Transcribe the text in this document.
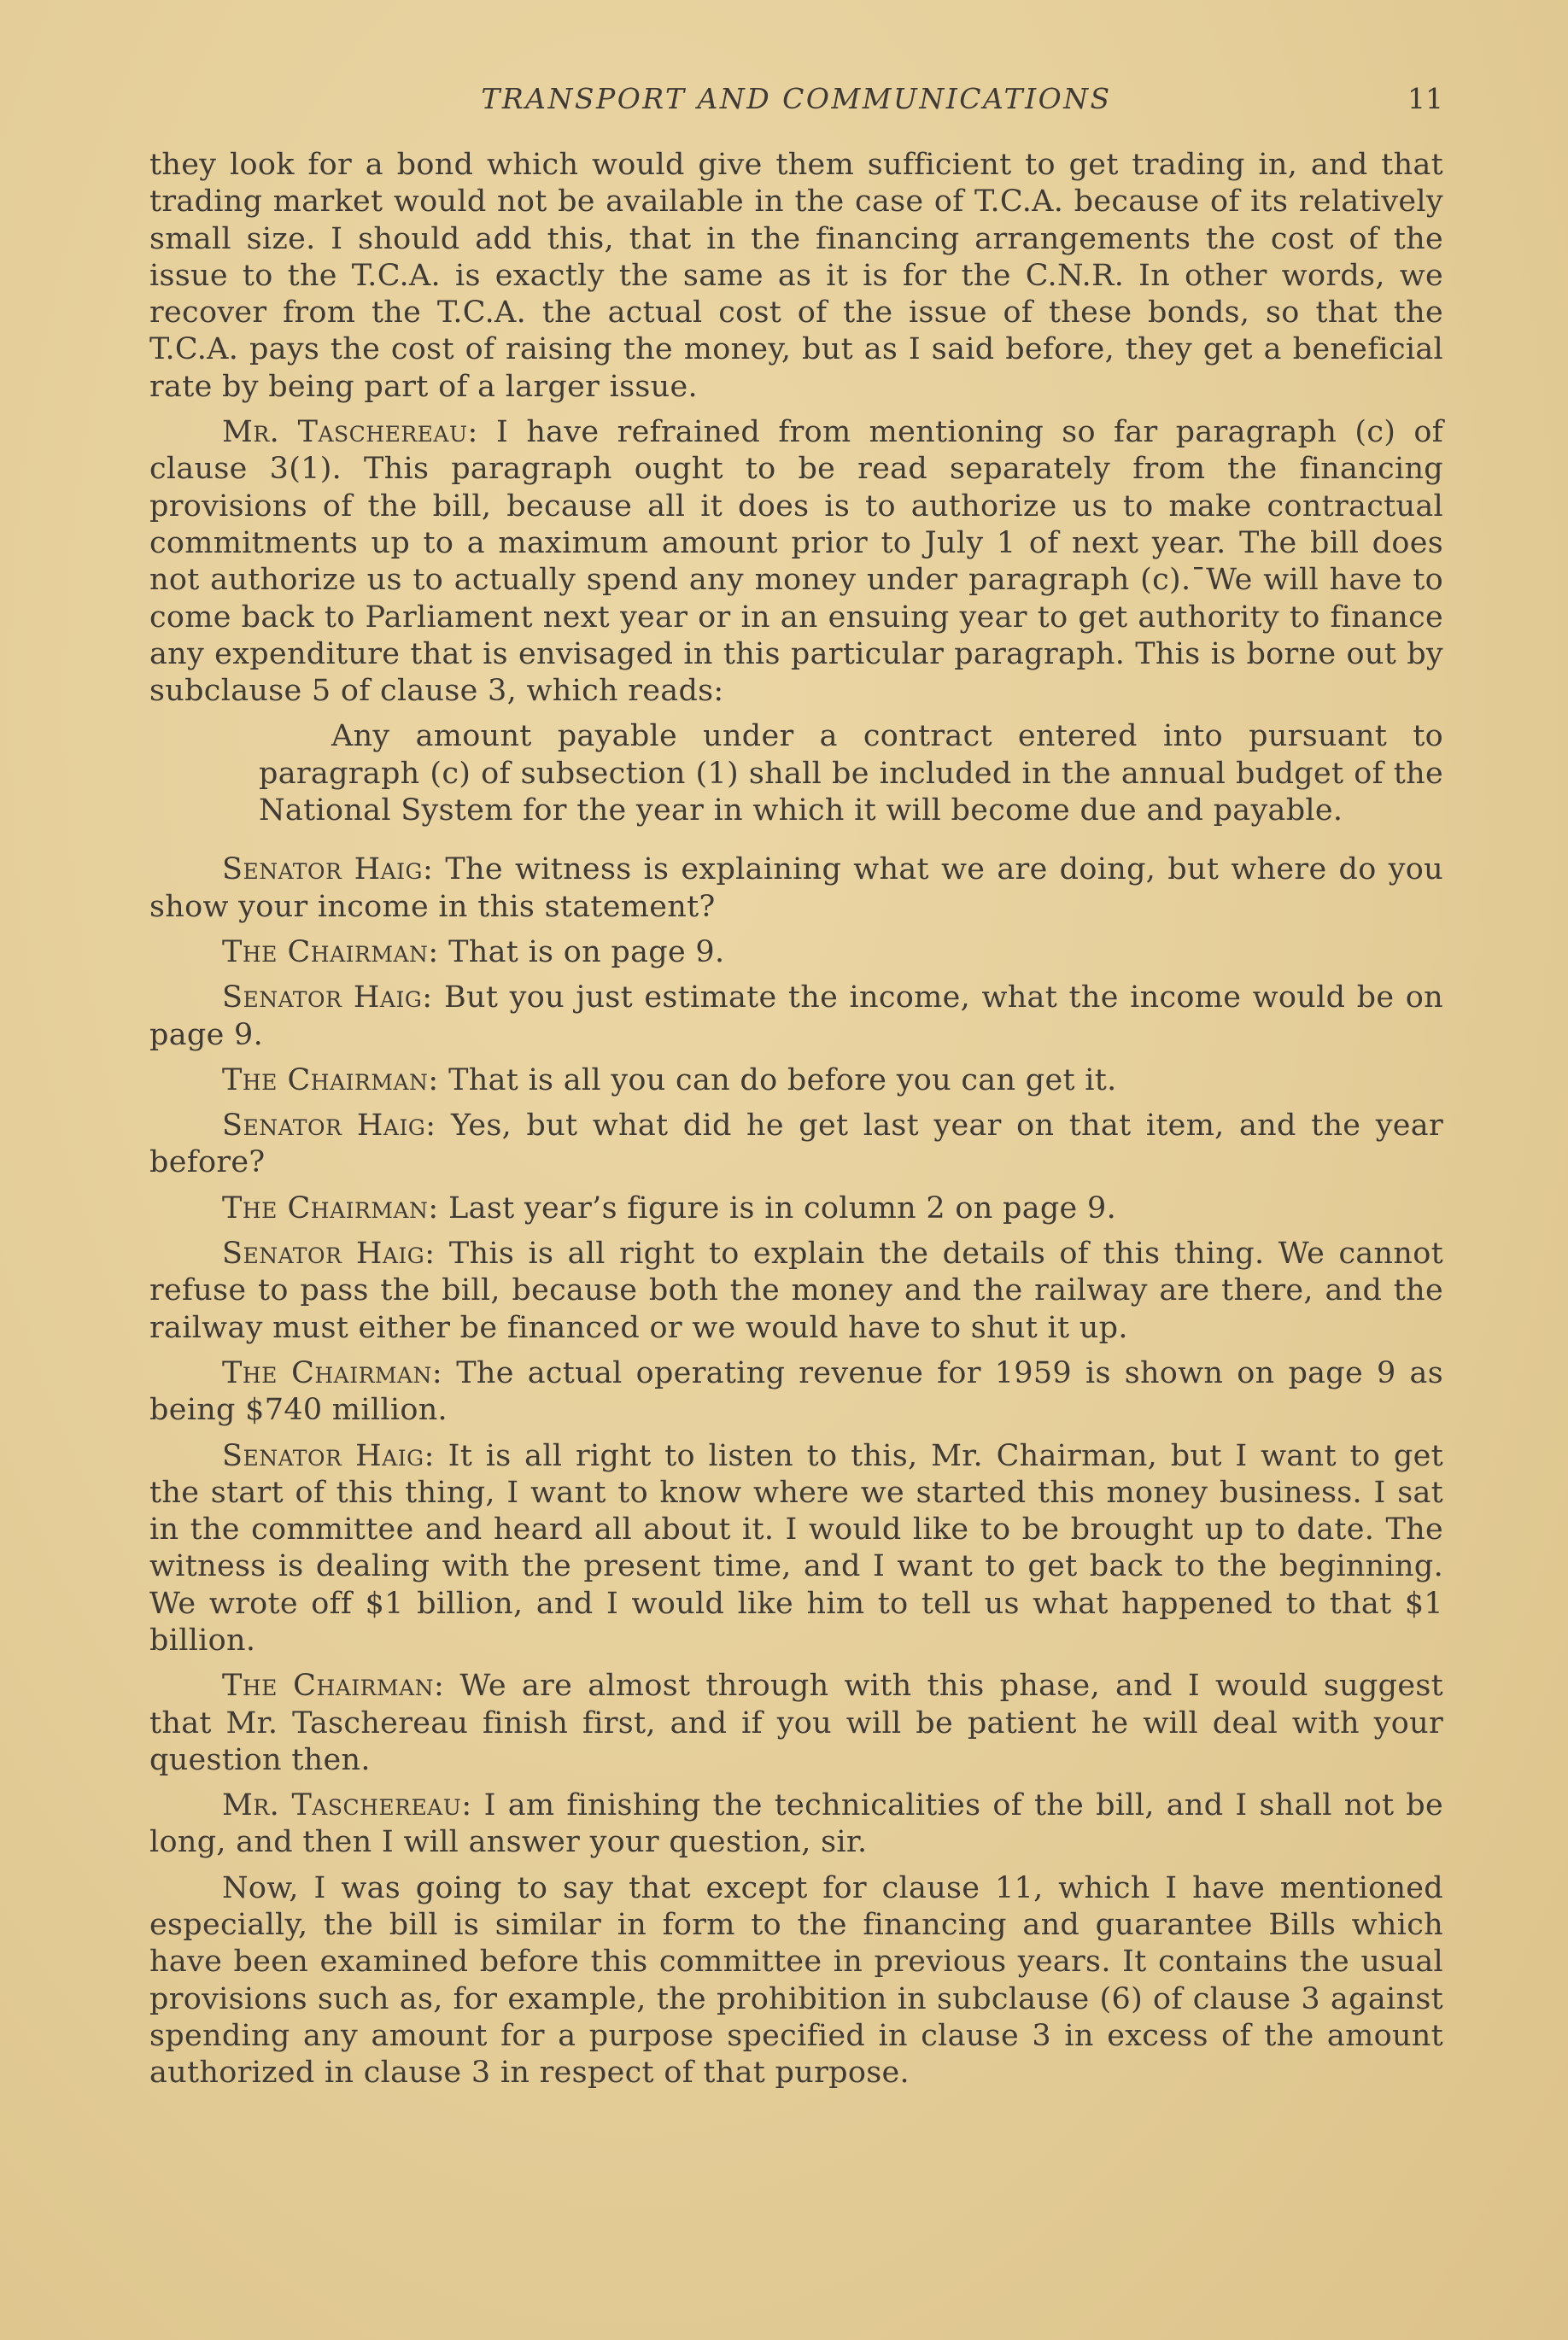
TRANSPORT AND COMMUNICATIONS	11

they look for a bond which would give them sufficient to get trading in, and that trading market would not be available in the case of T.C.A. because of its relatively small size. I should add this, that in the financing arrangements the cost of the issue to the T.C.A. is exactly the same as it is for the C.N.R. In other words, we recover from the T.C.A. the actual cost of the issue of these bonds, so that the T.C.A. pays the cost of raising the money, but as I said before, they get a beneficial rate by being part of a larger issue.

Mr. Taschereau: I have refrained from mentioning so far paragraph (c) of clause 3(1). This paragraph ought to be read separately from the financing provisions of the bill, because all it does is to authorize us to make contractual commitments up to a maximum amount prior to July 1 of next year. The bill does not authorize us to actually spend any money under paragraph (c).ˉWe will have to come back to Parliament next year or in an ensuing year to get authority to finance any expenditure that is envisaged in this particular paragraph. This is borne out by subclause 5 of clause 3, which reads:

Any amount payable under a contract entered into pursuant to paragraph (c) of subsection (1) shall be included in the annual budget of the National System for the year in which it will become due and payable.

Senator Haig: The witness is explaining what we are doing, but where do you show your income in this statement?

The Chairman: That is on page 9.

Senator Haig: But you just estimate the income, what the income would be on page 9.

The Chairman: That is all you can do before you can get it.

Senator Haig: Yes, but what did he get last year on that item, and the year before?

The Chairman: Last year’s figure is in column 2 on page 9.

Senator Haig: This is all right to explain the details of this thing. We cannot refuse to pass the bill, because both the money and the railway are there, and the railway must either be financed or we would have to shut it up.

The Chairman: The actual operating revenue for 1959 is shown on page 9 as being $740 million.

Senator Haig: It is all right to listen to this, Mr. Chairman, but I want to get the start of this thing, I want to know where we started this money business. I sat in the committee and heard all about it. I would like to be brought up to date. The witness is dealing with the present time, and I want to get back to the beginning. We wrote off $1 billion, and I would like him to tell us what happened to that $1 billion.

The Chairman: We are almost through with this phase, and I would suggest that Mr. Taschereau finish first, and if you will be patient he will deal with your question then.

Mr. Taschereau: I am finishing the technicalities of the bill, and I shall not be long, and then I will answer your question, sir.

Now, I was going to say that except for clause 11, which I have mentioned especially, the bill is similar in form to the financing and guarantee Bills which have been examined before this committee in previous years. It contains the usual provisions such as, for example, the prohibition in subclause (6) of clause 3 against spending any amount for a purpose specified in clause 3 in excess of the amount authorized in clause 3 in respect of that purpose.
